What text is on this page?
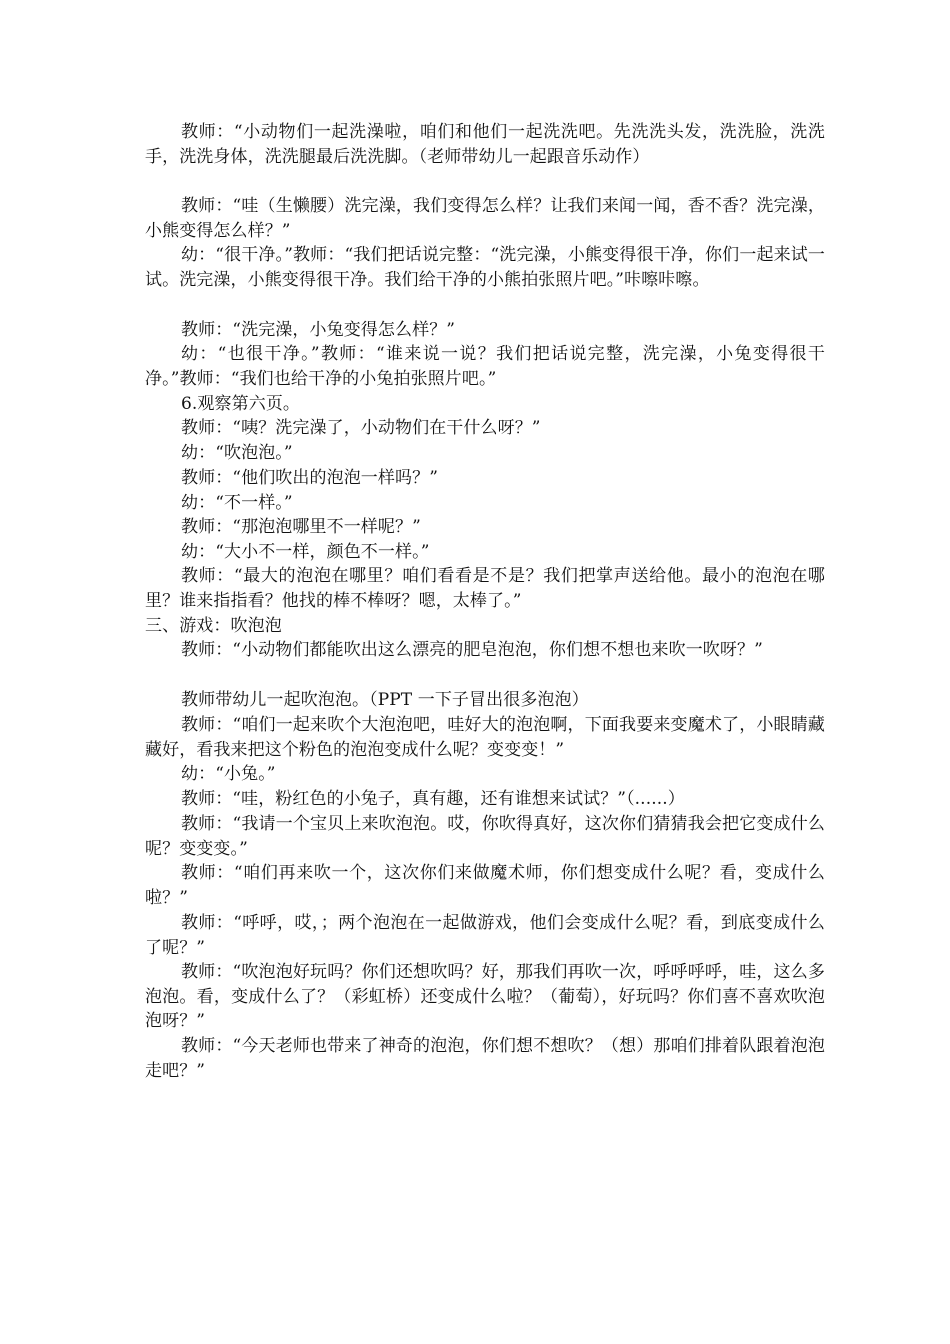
教师：“小动物们一起洗澡啦，咱们和他们一起洗洗吧。先洗洗头发，洗洗脸，洗洗手，洗洗身体，洗洗腿最后洗洗脚。（老师带幼儿一起跟音乐动作）

教师：“哇（生懒腰）洗完澡，我们变得怎么样？让我们来闻一闻，香不香？洗完澡，小熊变得怎么样？”

幼：“很干净。”教师：“我们把话说完整：“洗完澡，小熊变得很干净，你们一起来试一试。洗完澡，小熊变得很干净。我们给干净的小熊拍张照片吧。”咔嚓咔嚓。

教师：“洗完澡，小兔变得怎么样？”

幼：“也很干净。”教师：“谁来说一说？我们把话说完整，洗完澡，小兔变得很干净。”教师：“我们也给干净的小兔拍张照片吧。”

6.观察第六页。

教师：“咦？洗完澡了，小动物们在干什么呀？”

幼：“吹泡泡。”

教师：“他们吹出的泡泡一样吗？”

幼：“不一样。”

教师：“那泡泡哪里不一样呢？”

幼：“大小不一样，颜色不一样。”

教师：“最大的泡泡在哪里？咱们看看是不是？我们把掌声送给他。最小的泡泡在哪里？谁来指指看？他找的棒不棒呀？嗯，太棒了。”

三、游戏：吹泡泡

教师：“小动物们都能吹出这么漂亮的肥皂泡泡，你们想不想也来吹一吹呀？”

教师带幼儿一起吹泡泡。（PPT 一下子冒出很多泡泡）

教师：“咱们一起来吹个大泡泡吧，哇好大的泡泡啊，下面我要来变魔术了，小眼睛藏藏好，看我来把这个粉色的泡泡变成什么呢？变变变！”

幼：“小兔。”

教师：“哇，粉红色的小兔子，真有趣，还有谁想来试试？”（......）

教师：“我请一个宝贝上来吹泡泡。哎，你吹得真好，这次你们猜猜我会把它变成什么呢？变变变。”

教师：“咱们再来吹一个，这次你们来做魔术师，你们想变成什么呢？看，变成什么啦？”

教师：“呼呼，哎，；两个泡泡在一起做游戏，他们会变成什么呢？看，到底变成什么了呢？”

教师：“吹泡泡好玩吗？你们还想吹吗？好，那我们再吹一次，呼呼呼呼，哇，这么多泡泡。看，变成什么了？（彩虹桥）还变成什么啦？（葡萄），好玩吗？你们喜不喜欢吹泡泡呀？”

教师：“今天老师也带来了神奇的泡泡，你们想不想吹？（想）那咱们排着队跟着泡泡走吧？”
